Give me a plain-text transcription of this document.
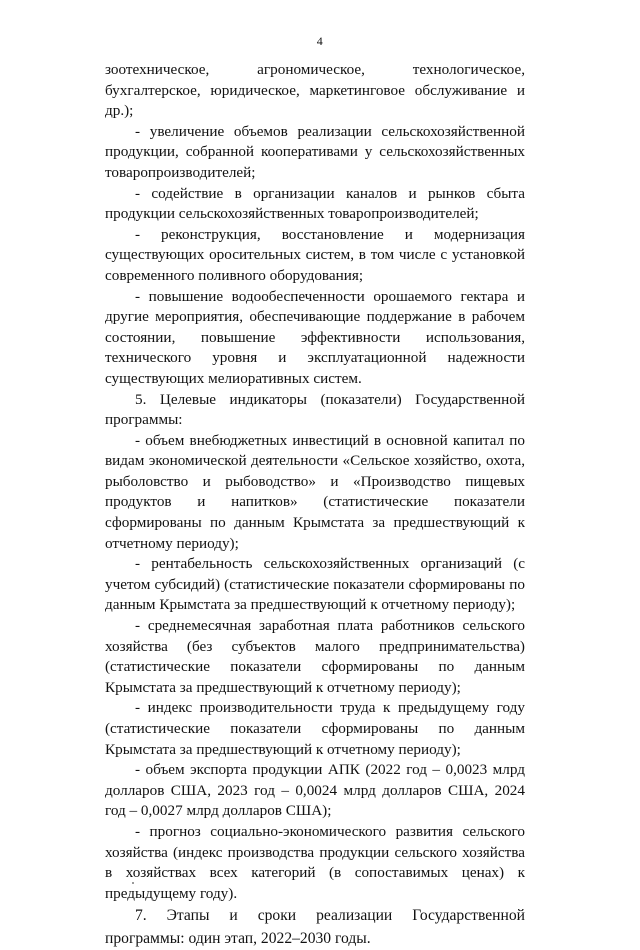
4

зоотехническое, агрономическое, технологическое, бухгалтерское, юридическое, маркетинговое обслуживание и др.);

- увеличение объемов реализации сельскохозяйственной продукции, собранной кооперативами у сельскохозяйственных товаропроизводителей;

- содействие в организации каналов и рынков сбыта продукции сельскохозяйственных товаропроизводителей;

- реконструкция, восстановление и модернизация существующих оросительных систем, в том числе с установкой современного поливного оборудования;

- повышение водообеспеченности орошаемого гектара и другие мероприятия, обеспечивающие поддержание в рабочем состоянии, повышение эффективности использования, технического уровня и эксплуатационной надежности существующих мелиоративных систем.

5. Целевые индикаторы (показатели) Государственной программы:

- объем внебюджетных инвестиций в основной капитал по видам экономической деятельности «Сельское хозяйство, охота, рыболовство и рыбоводство» и «Производство пищевых продуктов и напитков» (статистические показатели сформированы по данным Крымстата за предшествующий к отчетному периоду);

- рентабельность сельскохозяйственных организаций (с учетом субсидий) (статистические показатели сформированы по данным Крымстата за предшествующий к отчетному периоду);

- среднемесячная заработная плата работников сельского хозяйства (без субъектов малого предпринимательства) (статистические показатели сформированы по данным Крымстата за предшествующий к отчетному периоду);

- индекс производительности труда к предыдущему году (статистические показатели сформированы по данным Крымстата за предшествующий к отчетному периоду);

- объем экспорта продукции АПК (2022 год – 0,0023 млрд долларов США, 2023 год – 0,0024 млрд долларов США, 2024 год – 0,0027 млрд долларов США);

- прогноз социально-экономического развития сельского хозяйства (индекс производства продукции сельского хозяйства в хозяйствах всех категорий (в сопоставимых ценах) к предыдущему году).

7. Этапы и сроки реализации Государственной программы: один этап, 2022–2030 годы.
